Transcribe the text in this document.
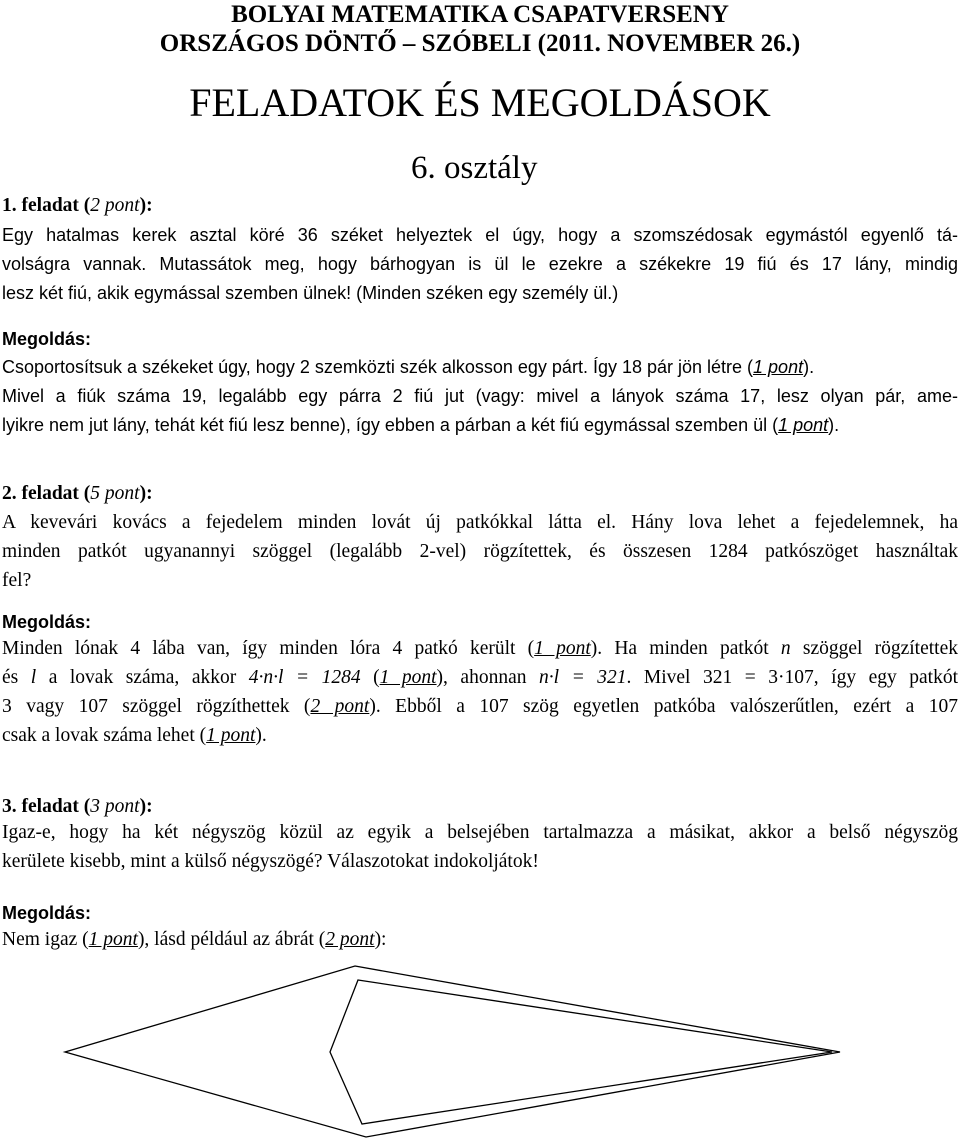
BOLYAI MATEMATIKA CSAPATVERSENY
ORSZÁGOS DÖNTŐ – SZÓBELI (2011. NOVEMBER 26.)
FELADATOK ÉS MEGOLDÁSOK
6. osztály

1. feladat (2 pont):

Egy hatalmas kerek asztal köré 36 széket helyeztek el úgy, hogy a szomszédosak egymástól egyenlő tá-
volságra vannak. Mutassátok meg, hogy bárhogyan is ül le ezekre a székekre 19 fiú és 17 lány, mindig
lesz két fiú, akik egymással szemben ülnek! (Minden széken egy személy ül.)

Megoldás:

Csoportosítsuk a székeket úgy, hogy 2 szemközti szék alkosson egy párt. Így 18 pár jön létre (1 pont).
Mivel a fiúk száma 19, legalább egy párra 2 fiú jut (vagy: mivel a lányok száma 17, lesz olyan pár, ame-
lyikre nem jut lány, tehát két fiú lesz benne), így ebben a párban a két fiú egymással szemben ül (1 pont).

2. feladat (5 pont):

A kevevári kovács a fejedelem minden lovát új patkókkal látta el. Hány lova lehet a fejedelemnek, ha
minden patkót ugyanannyi szöggel (legalább 2-vel) rögzítettek, és összesen 1284 patkószöget használtak
fel?

Megoldás:

Minden lónak 4 lába van, így minden lóra 4 patkó került (1 pont). Ha minden patkót n szöggel rögzítettek
és l a lovak száma, akkor 4·n·l = 1284 (1 pont), ahonnan n·l = 321. Mivel 321 = 3·107, így egy patkót
3 vagy 107 szöggel rögzíthettek (2 pont). Ebből a 107 szög egyetlen patkóba valószerűtlen, ezért a 107
csak a lovak száma lehet (1 pont).

3. feladat (3 pont):

Igaz-e, hogy ha két négyszög közül az egyik a belsejében tartalmazza a másikat, akkor a belső négyszög
kerülete kisebb, mint a külső négyszögé? Válaszotokat indokoljátok!

Megoldás:

Nem igaz (1 pont), lásd például az ábrát (2 pont):
